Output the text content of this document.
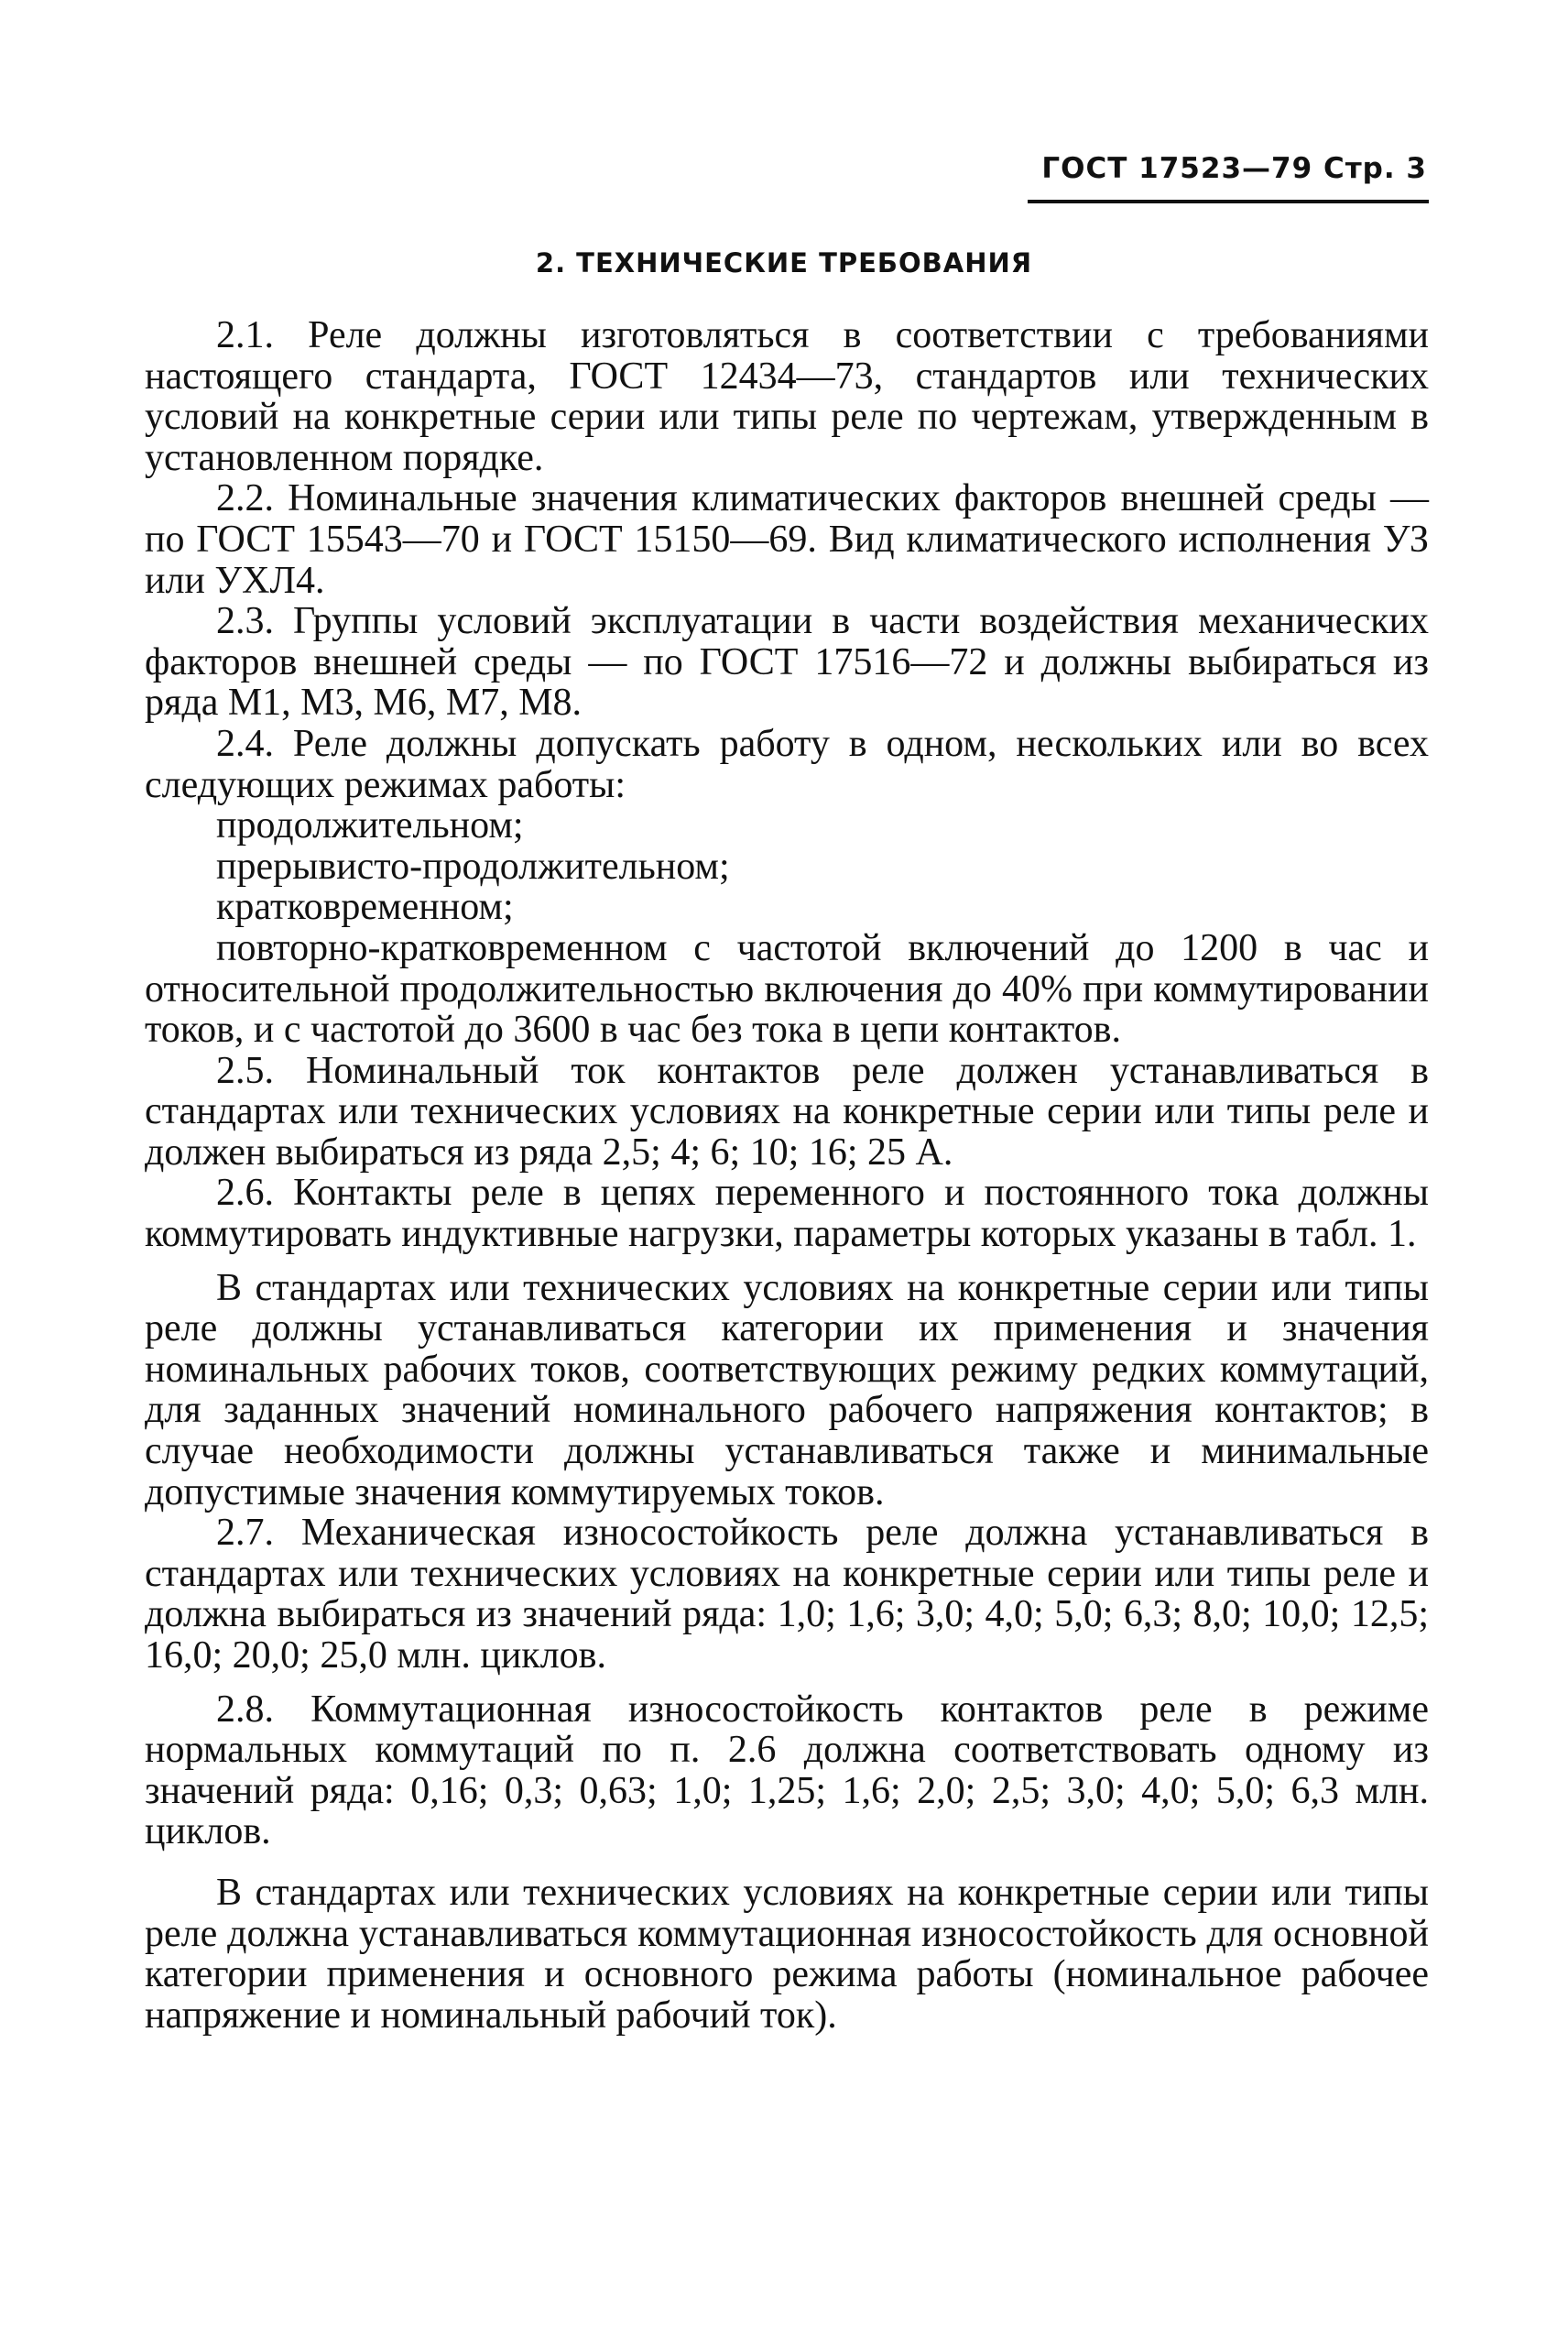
ГОСТ 17523—79 Стр. 3
2. ТЕХНИЧЕСКИЕ ТРЕБОВАНИЯ

2.1. Реле должны изготовляться в соответствии с требованиями настоящего стандарта, ГОСТ 12434—73, стандартов или технических условий на конкретные серии или типы реле по чертежам, утвержденным в установленном порядке.

2.2. Номинальные значения климатических факторов внешней среды — по ГОСТ 15543—70 и ГОСТ 15150—69. Вид климатического исполнения УЗ или УХЛ4.

2.3. Группы условий эксплуатации в части воздействия механических факторов внешней среды — по ГОСТ 17516—72 и должны выбираться из ряда М1, М3, М6, М7, М8.

2.4. Реле должны допускать работу в одном, нескольких или во всех следующих режимах работы:

продолжительном;

прерывисто-продолжительном;

кратковременном;

повторно-кратковременном с частотой включений до 1200 в час и относительной продолжительностью включения до 40% при коммутировании токов, и с частотой до 3600 в час без тока в цепи контактов.

2.5. Номинальный ток контактов реле должен устанавливаться в стандартах или технических условиях на конкретные серии или типы реле и должен выбираться из ряда 2,5; 4; 6; 10; 16; 25 А.

2.6. Контакты реле в цепях переменного и постоянного тока должны коммутировать индуктивные нагрузки, параметры которых указаны в табл. 1.

В стандартах или технических условиях на конкретные серии или типы реле должны устанавливаться категории их применения и значения номинальных рабочих токов, соответствующих режиму редких коммутаций, для заданных значений номинального рабочего напряжения контактов; в случае необходимости должны устанавливаться также и минимальные допустимые значения коммутируемых токов.

2.7. Механическая износостойкость реле должна устанавливаться в стандартах или технических условиях на конкретные серии или типы реле и должна выбираться из значений ряда: 1,0; 1,6; 3,0; 4,0; 5,0; 6,3; 8,0; 10,0; 12,5; 16,0; 20,0; 25,0 млн. циклов.

2.8. Коммутационная износостойкость контактов реле в режиме нормальных коммутаций по п. 2.6 должна соответствовать одному из значений ряда: 0,16; 0,3; 0,63; 1,0; 1,25; 1,6; 2,0; 2,5; 3,0; 4,0; 5,0; 6,3 млн. циклов.

В стандартах или технических условиях на конкретные серии или типы реле должна устанавливаться коммутационная износостойкость для основной категории применения и основного режима работы (номинальное рабочее напряжение и номинальный рабочий ток).
